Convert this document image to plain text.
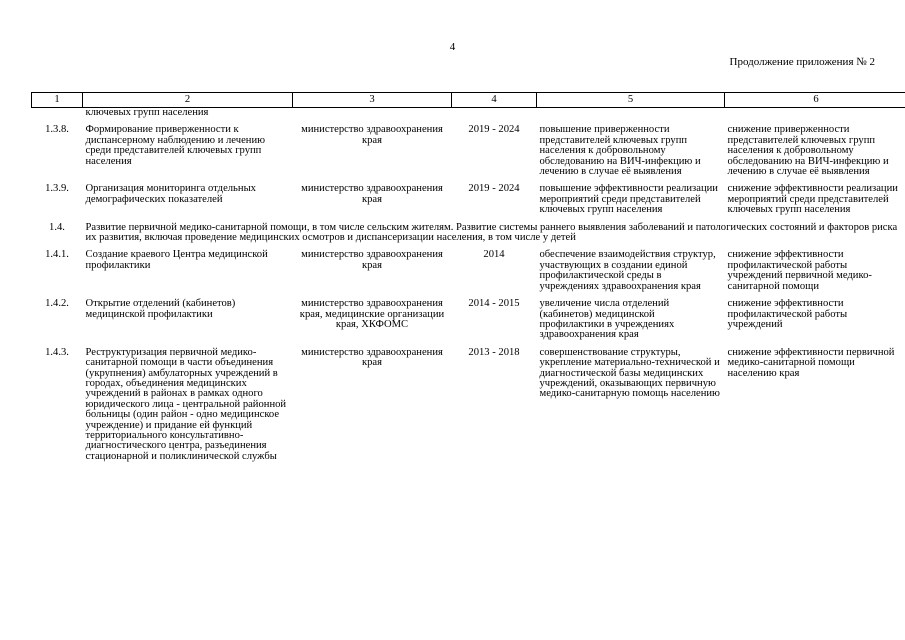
4
Продолжение приложения № 2
1	2	3	4	5	6
	ключевых групп населения				

1.3.8.	Формирование приверженности к диспансерному наблюдению и лечению среди представителей ключевых групп населения	министерство здравоохранения края	2019 - 2024	повышение приверженности представителей ключевых групп населения к добровольному обследованию на ВИЧ-инфекцию и лечению в случае её выявления	снижение приверженности представителей ключевых групп населения к добровольному обследованию на ВИЧ-инфекцию и лечению в случае её выявления

1.3.9.	Организация мониторинга отдельных демографических показателей	министерство здравоохранения края	2019 - 2024	повышение эффективности реализации мероприятий среди представителей ключевых групп населения	снижение эффективности реализации мероприятий среди представителей ключевых групп населения

1.4.	Развитие первичной медико-санитарной помощи, в том числе сельским жителям. Развитие системы раннего выявления заболеваний и патологических состояний и факторов риска их развития, включая проведение медицинских осмотров и диспансеризации населения, в том числе у детей				

1.4.1.	Создание краевого Центра медицинской профилактики	министерство здравоохранения края	2014	обеспечение взаимодействия структур, участвующих в создании единой профилактической среды в учреждениях здравоохранения края	снижение эффективности профилактической работы учреждений первичной медико-санитарной помощи

1.4.2.	Открытие отделений (кабинетов) медицинской профилактики	министерство здравоохранения края, медицинские организации края, ХКФОМС	2014 - 2015	увеличение числа отделений (кабинетов) медицинской профилактики в учреждениях здравоохранения края	снижение эффективности профилактической работы учреждений

1.4.3.	Реструктуризация первичной медико-санитарной помощи в части объединения (укрупнения) амбулаторных учреждений в городах, объединения медицинских учреждений в районах в рамках одного юридического лица - центральной районной больницы (один район - одно медицинское учреждение) и придание ей функций территориального консультативно-диагностического центра, разъединения стационарной и поликлинической службы	министерство здравоохранения края	2013 - 2018	совершенствование структуры, укрепление материально-технической и диагностической базы медицинских учреждений, оказывающих первичную медико-санитарную помощь населению	снижение эффективности первичной медико-санитарной помощи населению края
